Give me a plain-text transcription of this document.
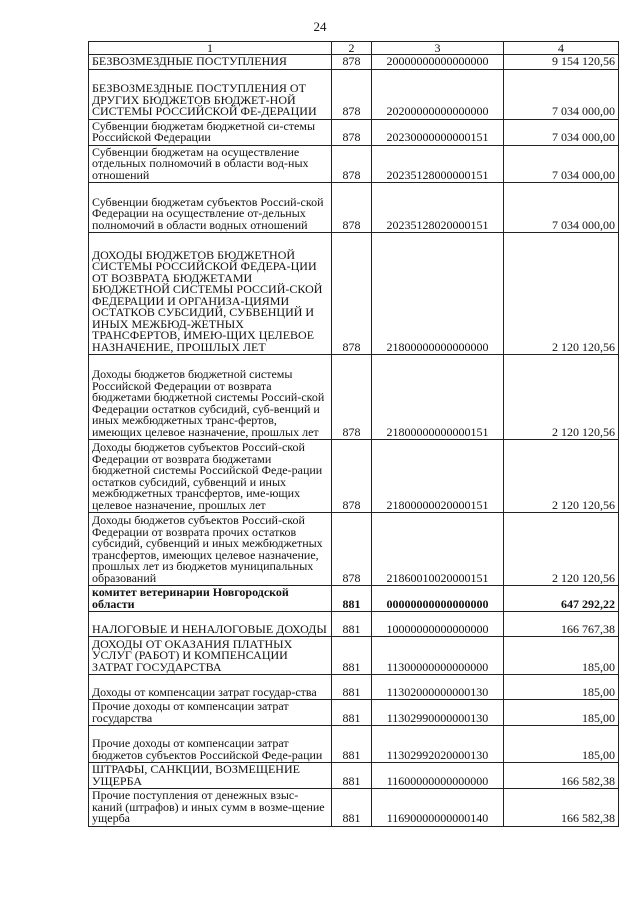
24
1	2	3	4
БЕЗВОЗМЕЗДНЫЕ ПОСТУПЛЕНИЯ	878	20000000000000000	9 154 120,56
БЕЗВОЗМЕЗДНЫЕ ПОСТУПЛЕНИЯ ОТ ДРУГИХ БЮДЖЕТОВ БЮДЖЕТ-НОЙ СИСТЕМЫ РОССИЙСКОЙ ФЕ-ДЕРАЦИИ	878	20200000000000000	7 034 000,00
Субвенции бюджетам бюджетной си-стемы Российской Федерации	878	20230000000000151	7 034 000,00
Субвенции бюджетам на осуществление отдельных полномочий в области вод-ных отношений	878	20235128000000151	7 034 000,00
Субвенции бюджетам субъектов Россий-ской Федерации на осуществление от-дельных полномочий в области водных отношений	878	20235128020000151	7 034 000,00
ДОХОДЫ БЮДЖЕТОВ БЮДЖЕТНОЙ СИСТЕМЫ РОССИЙСКОЙ ФЕДЕРА-ЦИИ ОТ ВОЗВРАТА БЮДЖЕТАМИ БЮДЖЕТНОЙ СИСТЕМЫ РОССИЙ-СКОЙ ФЕДЕРАЦИИ И ОРГАНИЗА-ЦИЯМИ ОСТАТКОВ СУБСИДИЙ, СУБВЕНЦИЙ И ИНЫХ МЕЖБЮД-ЖЕТНЫХ ТРАНСФЕРТОВ, ИМЕЮ-ЩИХ ЦЕЛЕВОЕ НАЗНАЧЕНИЕ, ПРОШЛЫХ ЛЕТ	878	21800000000000000	2 120 120,56
Доходы бюджетов бюджетной системы Российской Федерации от возврата бюджетами бюджетной системы Россий-ской Федерации остатков субсидий, суб-венций и иных межбюджетных транс-фертов, имеющих целевое назначение, прошлых лет	878	21800000000000151	2 120 120,56
Доходы бюджетов субъектов Россий-ской Федерации от возврата бюджетами бюджетной системы Российской Феде-рации остатков субсидий, субвенций и иных межбюджетных трансфертов, име-ющих целевое назначение, прошлых лет	878	21800000020000151	2 120 120,56
Доходы бюджетов субъектов Россий-ской Федерации от возврата прочих остатков субсидий, субвенций и иных межбюджетных трансфертов, имеющих целевое назначение, прошлых лет из бюджетов муниципальных образований	878	21860010020000151	2 120 120,56
комитет ветеринарии Новгородской области	881	00000000000000000	647 292,22
НАЛОГОВЫЕ И НЕНАЛОГОВЫЕ ДОХОДЫ	881	10000000000000000	166 767,38
ДОХОДЫ ОТ ОКАЗАНИЯ ПЛАТНЫХ УСЛУГ (РАБОТ) И КОМПЕНСАЦИИ ЗАТРАТ ГОСУДАРСТВА	881	11300000000000000	185,00
Доходы от компенсации затрат государ-ства	881	11302000000000130	185,00
Прочие доходы от компенсации затрат государства	881	11302990000000130	185,00
Прочие доходы от компенсации затрат бюджетов субъектов Российской Феде-рации	881	11302992020000130	185,00
ШТРАФЫ, САНКЦИИ, ВОЗМЕЩЕНИЕ УЩЕРБА	881	11600000000000000	166 582,38
Прочие поступления от денежных взыс-каний (штрафов) и иных сумм в возме-щение ущерба	881	11690000000000140	166 582,38
